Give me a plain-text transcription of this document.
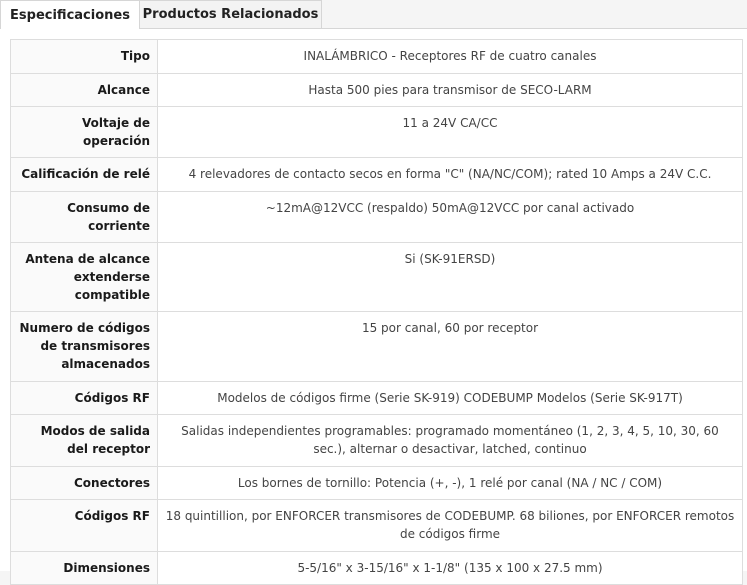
Especificaciones Productos Relacionados
Tipo	INALÁMBRICO - Receptores RF de cuatro canales
Alcance	Hasta 500 pies para transmisor de SECO-LARM
Voltaje de operación	11 a 24V CA/CC
Calificación de relé	4 relevadores de contacto secos en forma "C" (NA/NC/COM); rated 10 Amps a 24V C.C.
Consumo de corriente	~12mA@12VCC (respaldo) 50mA@12VCC por canal activado
Antena de alcance extenderse compatible	Si (SK-91ERSD)
Numero de códigos de transmisores almacenados	15 por canal, 60 por receptor
Códigos RF	Modelos de códigos firme (Serie SK-919) CODEBUMP Modelos (Serie SK-917T)
Modos de salida del receptor	Salidas independientes programables: programado momentáneo (1, 2, 3, 4, 5, 10, 30, 60 sec.), alternar o desactivar, latched, continuo
Conectores	Los bornes de tornillo: Potencia (+, -), 1 relé por canal (NA / NC / COM)
Códigos RF	18 quintillion, por ENFORCER transmisores de CODEBUMP. 68 biliones, por ENFORCER remotos de códigos firme
Dimensiones	5-5/16" x 3-15/16" x 1-1/8" (135 x 100 x 27.5 mm)
